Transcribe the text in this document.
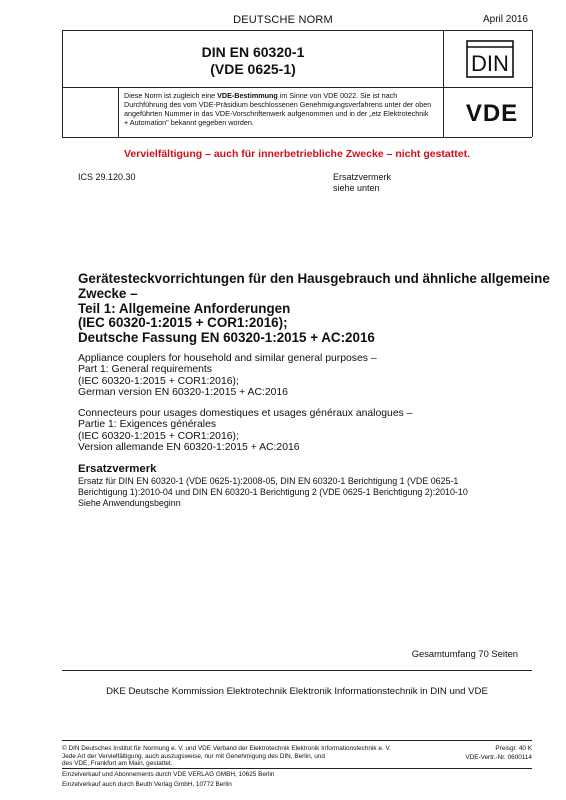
DEUTSCHE NORM	April 2016
DIN EN 60320-1
(VDE 0625-1)	DIN
VDE
Diese Norm ist zugleich eine VDE-Bestimmung im Sinne von VDE 0022. Sie ist nach Durchführung des vom VDE-Präsidium beschlossenen Genehmigungsverfahrens unter der oben angeführten Nummer in das VDE-Vorschriftenwerk aufgenommen und in der „etz Elektrotechnik + Automation" bekannt gegeben worden.
Vervielfältigung – auch für innerbetriebliche Zwecke – nicht gestattet.
ICS 29.120.30	Ersatzvermerk
siehe unten
Gerätesteckvorrichtungen für den Hausgebrauch und ähnliche allgemeine
Zwecke –
Teil 1: Allgemeine Anforderungen
(IEC 60320-1:2015 + COR1:2016);
Deutsche Fassung EN 60320-1:2015 + AC:2016
Appliance couplers for household and similar general purposes –
Part 1: General requirements
(IEC 60320-1:2015 + COR1:2016);
German version EN 60320-1:2015 + AC:2016
Connecteurs pour usages domestiques et usages généraux analogues –
Partie 1: Exigences générales
(IEC 60320-1:2015 + COR1:2016);
Version allemande EN 60320-1:2015 + AC:2016
Ersatzvermerk
Ersatz für DIN EN 60320-1 (VDE 0625-1):2008-05, DIN EN 60320-1 Berichtigung 1 (VDE 0625-1
Berichtigung 1):2010-04 und DIN EN 60320-1 Berichtigung 2 (VDE 0625-1 Berichtigung 2):2010-10
Siehe Anwendungsbeginn
Gesamtumfang 70 Seiten
DKE Deutsche Kommission Elektrotechnik Elektronik Informationstechnik in DIN und VDE
© DIN Deutsches Institut für Normung e. V. und VDE Verband der Elektrotechnik Elektronik Informationstechnik e. V.
Jede Art der Vervielfältigung, auch auszugsweise, nur mit Genehmigung des DIN, Berlin, und
des VDE, Frankfurt am Main, gestattet.
Preisgr. 40 K
VDE-Vertr.-Nr. 0600114
Einzelverkauf und Abonnements durch VDE VERLAG GMBH, 10625 Berlin
Einzelverkauf auch durch Beuth Verlag GmbH, 10772 Berlin
